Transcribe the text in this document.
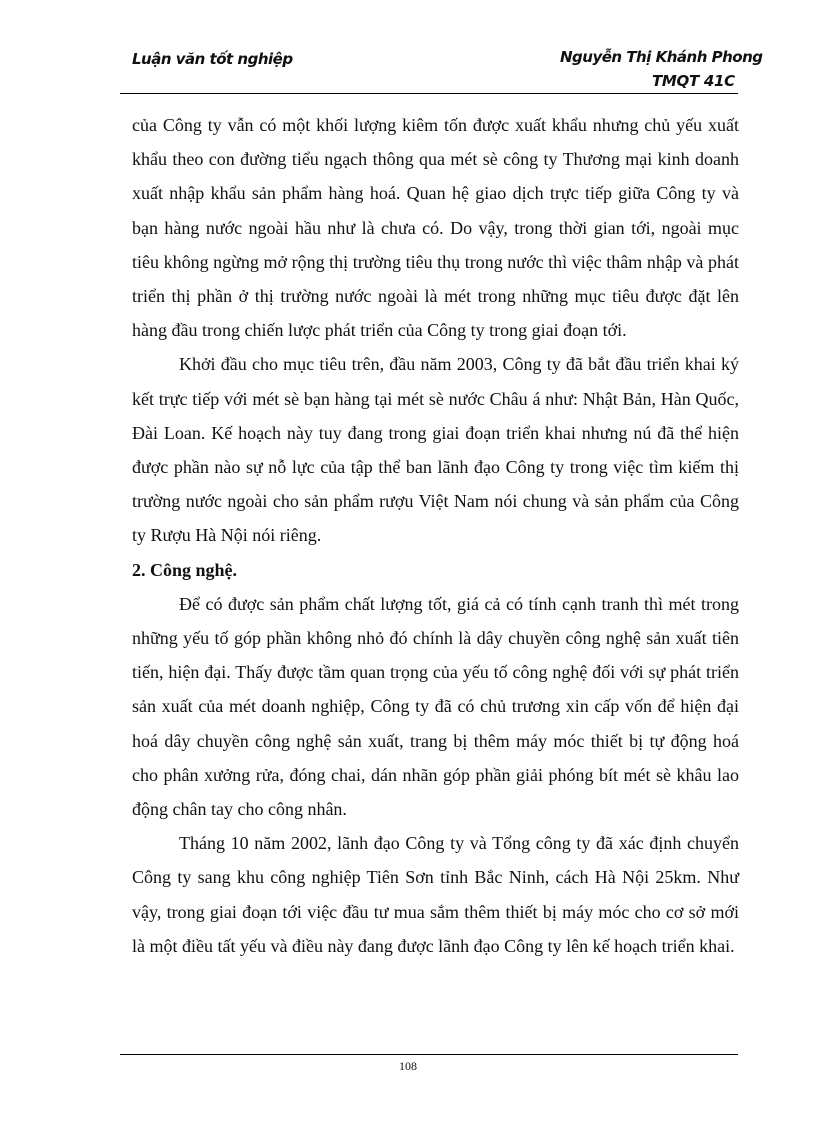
Luận văn tốt nghiệp	Nguyễn Thị Khánh Phong
TMQT 41C

của Công ty vẫn có một khối lượng kiêm tốn được xuất khẩu nhưng chủ yếu xuất khẩu theo con đường tiểu ngạch thông qua mét sè công ty Thương mại kinh doanh xuất nhập khẩu sản phẩm hàng hoá. Quan hệ giao dịch trực tiếp giữa Công ty và bạn hàng nước ngoài hầu như là chưa có. Do vậy, trong thời gian tới, ngoài mục tiêu không ngừng mở rộng thị trường tiêu thụ trong nước thì việc thâm nhập và phát triển thị phần ở thị trường nước ngoài là mét trong những mục tiêu được đặt lên hàng đầu trong chiến lược phát triển của Công ty trong giai đoạn tới.

Khởi đầu cho mục tiêu trên, đầu năm 2003, Công ty đã bắt đầu triển khai ký kết trực tiếp với mét sè bạn hàng tại mét sè nước Châu á như: Nhật Bản, Hàn Quốc, Đài Loan. Kế hoạch này tuy đang trong giai đoạn triển khai nhưng nú đã thể hiện được phần nào sự nỗ lực của tập thể ban lãnh đạo Công ty trong việc tìm kiếm thị trường nước ngoài cho sản phẩm rượu Việt Nam nói chung và sản phẩm của Công ty Rượu Hà Nội nói riêng.

2. Công nghệ.

Để có được sản phẩm chất lượng tốt, giá cả có tính cạnh tranh thì mét trong những yếu tố góp phần không nhỏ đó chính là dây chuyền công nghệ sản xuất tiên tiến, hiện đại. Thấy được tầm quan trọng của yếu tố công nghệ đối với sự phát triển sản xuất của mét doanh nghiệp, Công ty đã có chủ trương xin cấp vốn để hiện đại hoá dây chuyền công nghệ sản xuất, trang bị thêm máy móc thiết bị tự động hoá cho phân xưởng rửa, đóng chai, dán nhãn góp phần giải phóng bít mét sè khâu lao động chân tay cho công nhân.

Tháng 10 năm 2002, lãnh đạo Công ty và Tổng công ty đã xác định chuyển Công ty sang khu công nghiệp Tiên Sơn tỉnh Bắc Ninh, cách Hà Nội 25km. Như vậy, trong giai đoạn tới việc đầu tư mua sắm thêm thiết bị máy móc cho cơ sở mới là một điều tất yếu và điều này đang được lãnh đạo Công ty lên kế hoạch triển khai.

108
